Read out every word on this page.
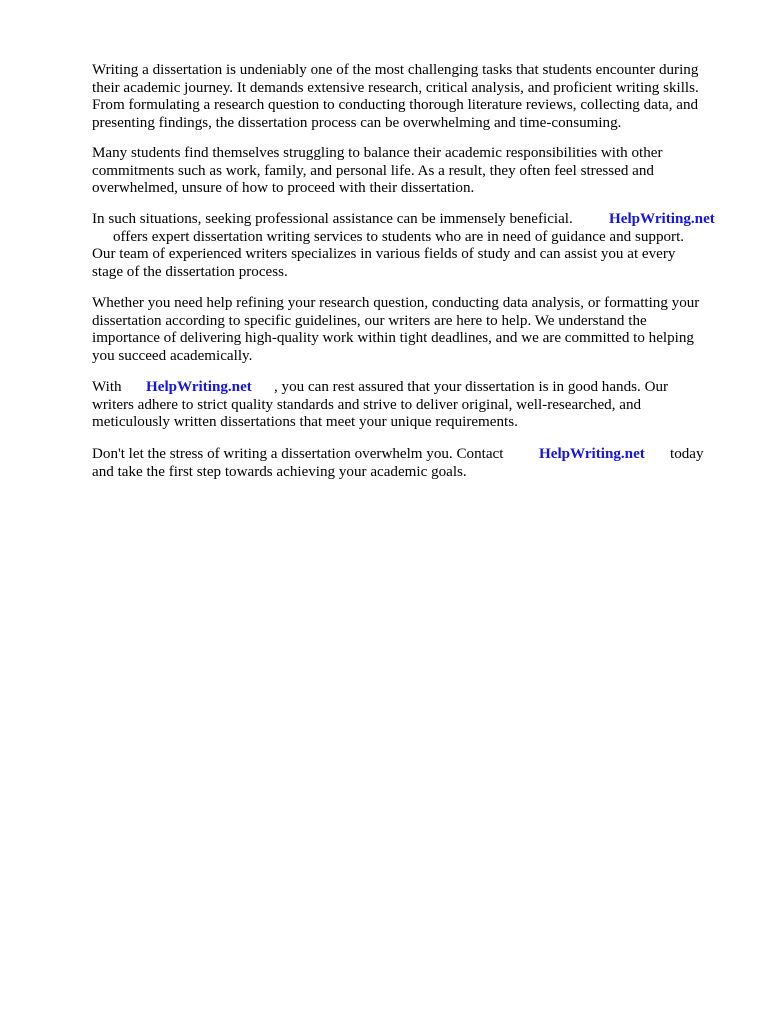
Writing a dissertation is undeniably one of the most challenging tasks that students encounter during

their academic journey. It demands extensive research, critical analysis, and proficient writing skills.

From formulating a research question to conducting thorough literature reviews, collecting data, and

presenting findings, the dissertation process can be overwhelming and time-consuming.

Many students find themselves struggling to balance their academic responsibilities with other

commitments such as work, family, and personal life. As a result, they often feel stressed and

overwhelmed, unsure of how to proceed with their dissertation.

In such situations, seeking professional assistance can be immensely beneficial. HelpWriting.net

offers expert dissertation writing services to students who are in need of guidance and support.

Our team of experienced writers specializes in various fields of study and can assist you at every

stage of the dissertation process.

Whether you need help refining your research question, conducting data analysis, or formatting your

dissertation according to specific guidelines, our writers are here to help. We understand the

importance of delivering high-quality work within tight deadlines, and we are committed to helping

you succeed academically.

With HelpWriting.net , you can rest assured that your dissertation is in good hands. Our

writers adhere to strict quality standards and strive to deliver original, well-researched, and

meticulously written dissertations that meet your unique requirements.

Don't let the stress of writing a dissertation overwhelm you. Contact HelpWriting.net today

and take the first step towards achieving your academic goals.
